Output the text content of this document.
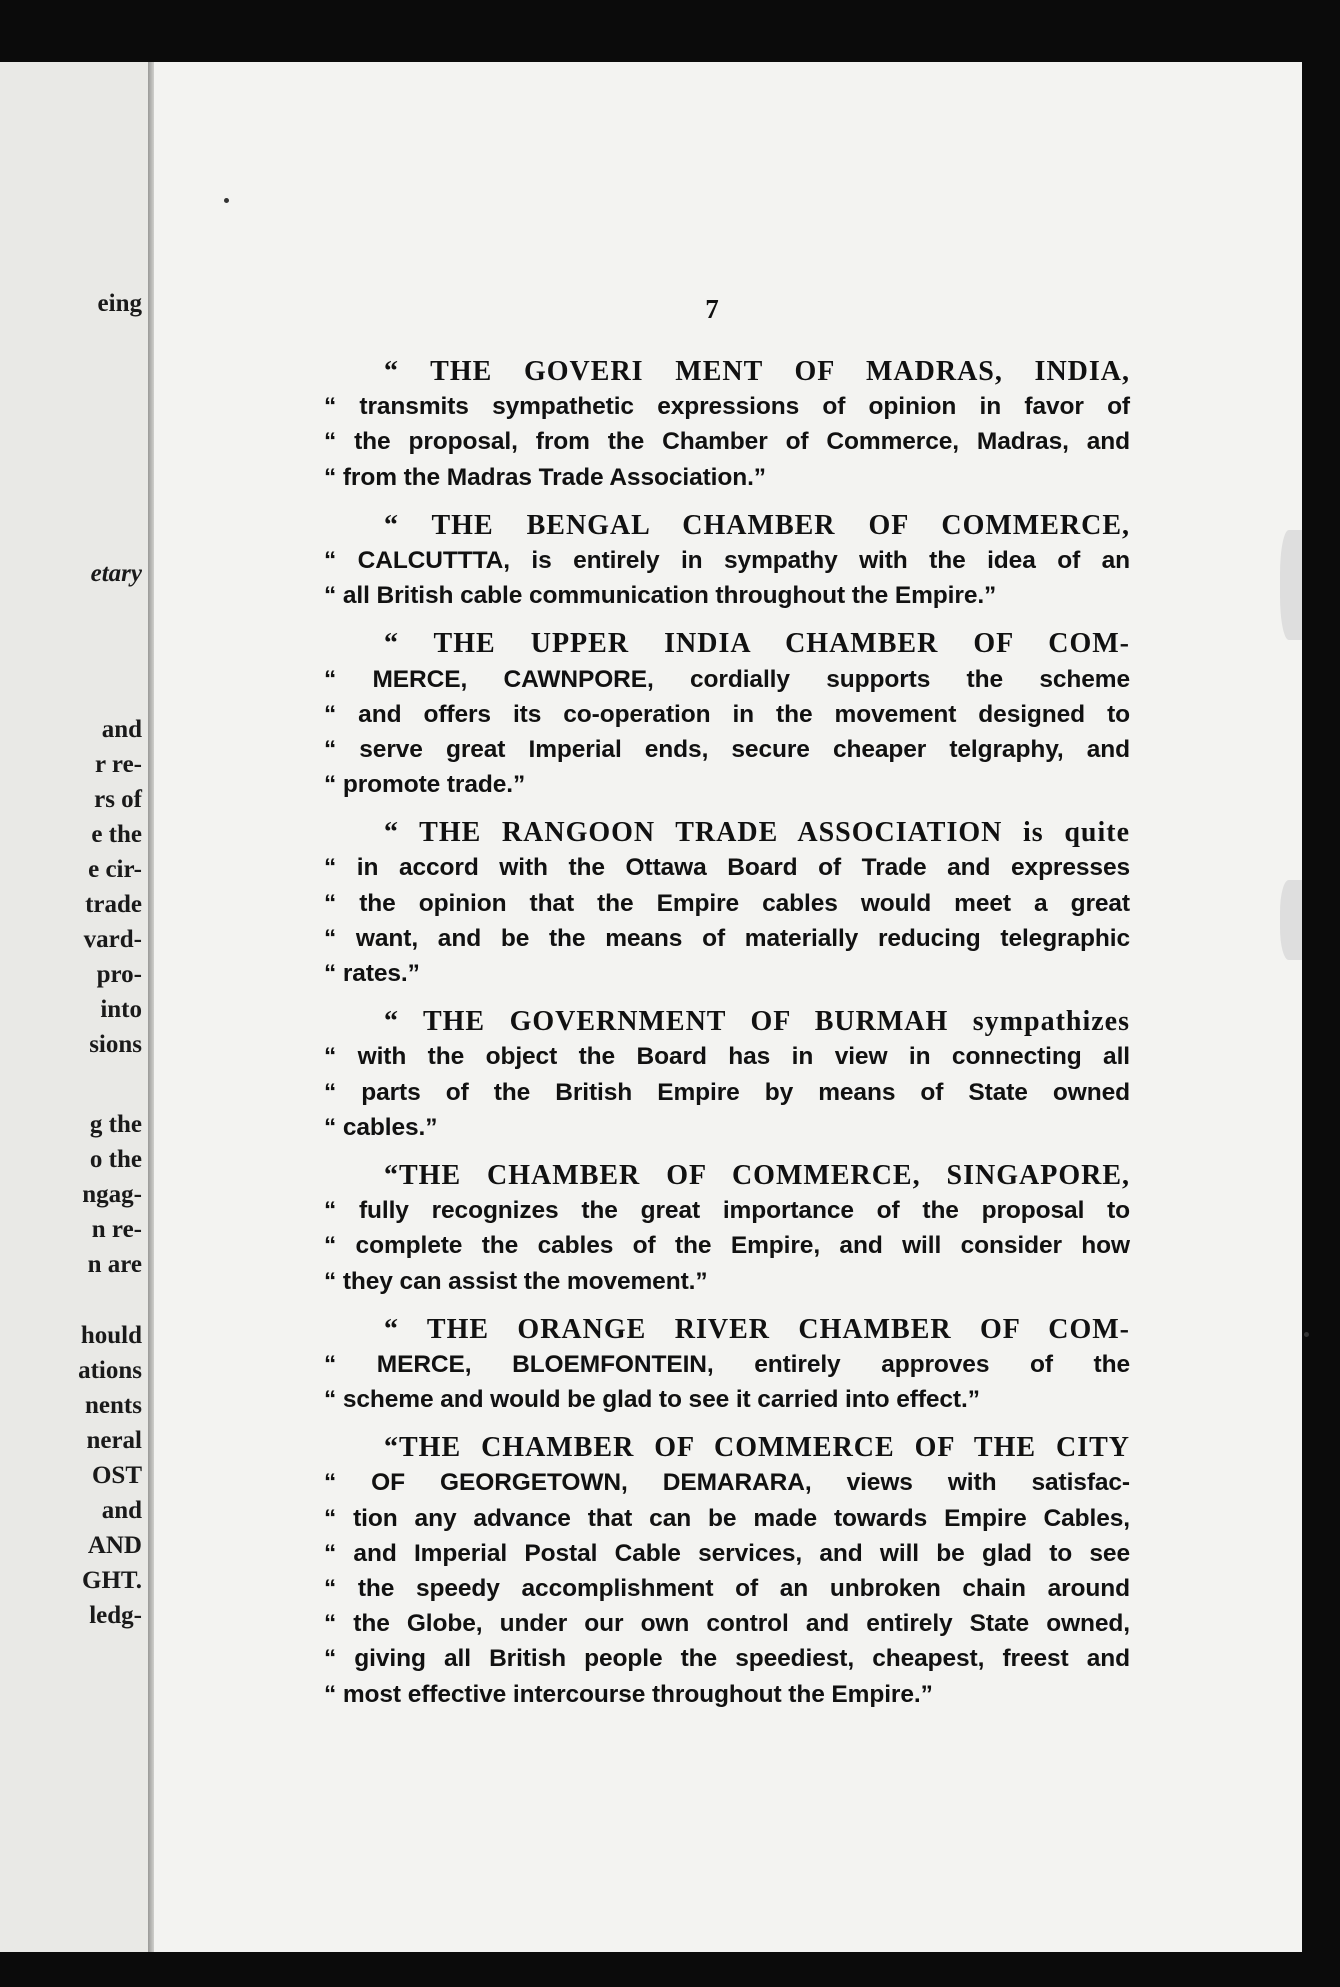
eing
etary
and
r re-
rs of
e the
e cir-
trade
vard-
pro-
into
sions
g the
o the
ngag-
n re-
n are
hould
ations
nents
neral
OST
and
AND
GHT.
ledg-
7
“ THE GOVERI MENT OF MADRAS, INDIA,
“ transmits sympathetic expressions of opinion in favor of
“ the proposal, from the Chamber of Commerce, Madras, and
“ from the Madras Trade Association.”
“ THE BENGAL CHAMBER OF COMMERCE,
“ CALCUTTTA, is entirely in sympathy with the idea of an
“ all British cable communication throughout the Empire.”
“ THE UPPER INDIA CHAMBER OF COM-
“ MERCE, CAWNPORE, cordially supports the scheme
“ and offers its co-operation in the movement designed to
“ serve great Imperial ends, secure cheaper telgraphy, and
“ promote trade.”
“ THE RANGOON TRADE ASSOCIATION is quite
“ in accord with the Ottawa Board of Trade and expresses
“ the opinion that the Empire cables would meet a great
“ want, and be the means of materially reducing telegraphic
“ rates.”
“ THE GOVERNMENT OF BURMAH sympathizes
“ with the object the Board has in view in connecting all
“ parts of the British Empire by means of State owned
“ cables.”
“THE CHAMBER OF COMMERCE, SINGAPORE,
“ fully recognizes the great importance of the proposal to
“ complete the cables of the Empire, and will consider how
“ they can assist the movement.”
“ THE ORANGE RIVER CHAMBER OF COM-
“ MERCE, BLOEMFONTEIN, entirely approves of the
“ scheme and would be glad to see it carried into effect.”
“THE CHAMBER OF COMMERCE OF THE CITY
“ OF GEORGETOWN, DEMARARA, views with satisfac-
“ tion any advance that can be made towards Empire Cables,
“ and Imperial Postal Cable services, and will be glad to see
“ the speedy accomplishment of an unbroken chain around
“ the Globe, under our own control and entirely State owned,
“ giving all British people the speediest, cheapest, freest and
“ most effective intercourse throughout the Empire.”
